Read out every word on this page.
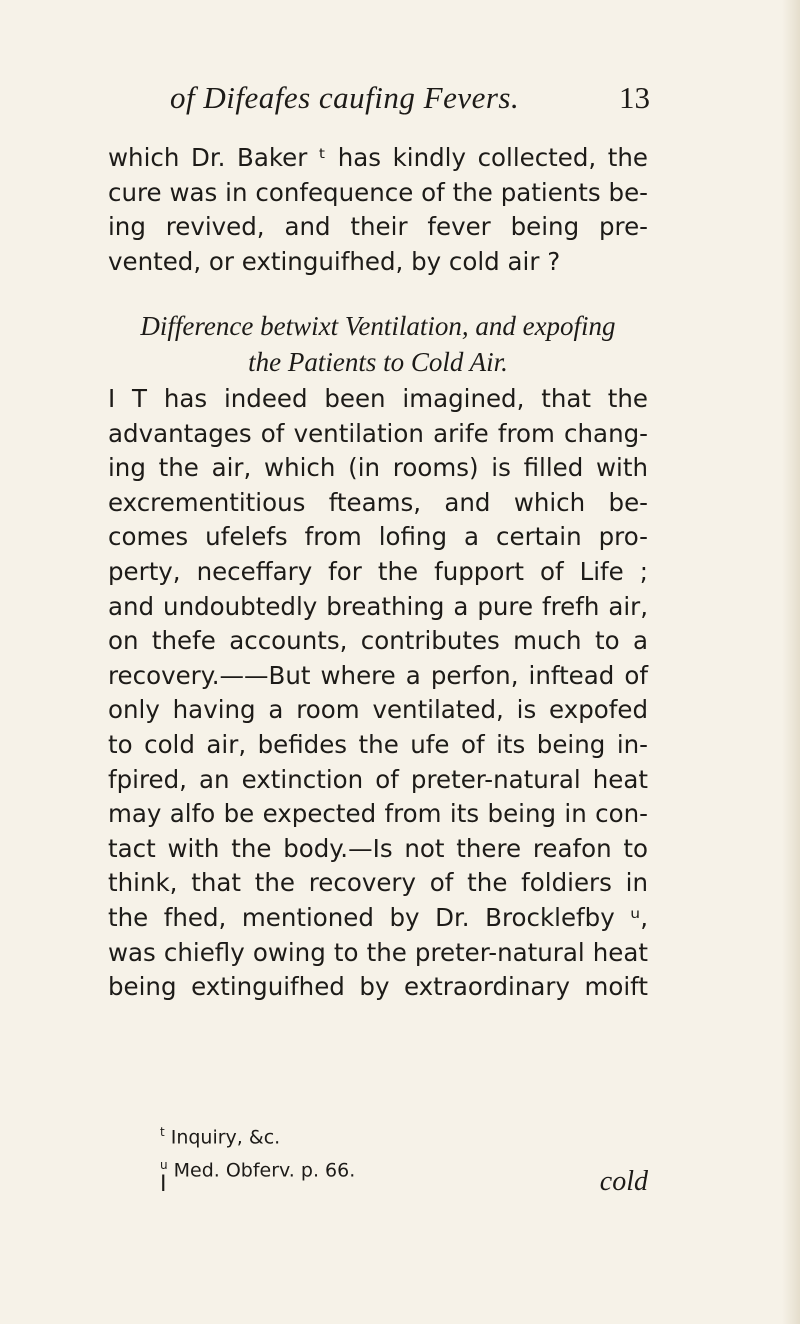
of Difeafes caufing Fevers.	13
which Dr. Baker ᵗ has kindly collected, the
cure was in confequence of the patients be-
ing revived, and their fever being pre-
vented, or extinguifhed, by cold air ?
Difference betwixt Ventilation, and expofing
the Patients to Cold Air.
I T has indeed been imagined, that the
advantages of ventilation arife from chang-
ing the air, which (in rooms) is filled with
excrementitious fteams, and which be-
comes ufelefs from lofing a certain pro-
perty, neceffary for the fupport of Life ;
and undoubtedly breathing a pure frefh air,
on thefe accounts, contributes much to a
recovery.——But where a perfon, inftead of
only having a room ventilated, is expofed
to cold air, befides the ufe of its being in-
fpired, an extinction of preter-natural heat
may alfo be expected from its being in con-
tact with the body.—Is not there reafon to
think, that the recovery of the foldiers in
the fhed, mentioned by Dr. Brocklefby ᵘ,
was chiefly owing to the preter-natural heat
being extinguifhed by extraordinary moift
$^t$ Inquiry, &c.
$^u$ Med. Obferv. p. 66.
I	cold
